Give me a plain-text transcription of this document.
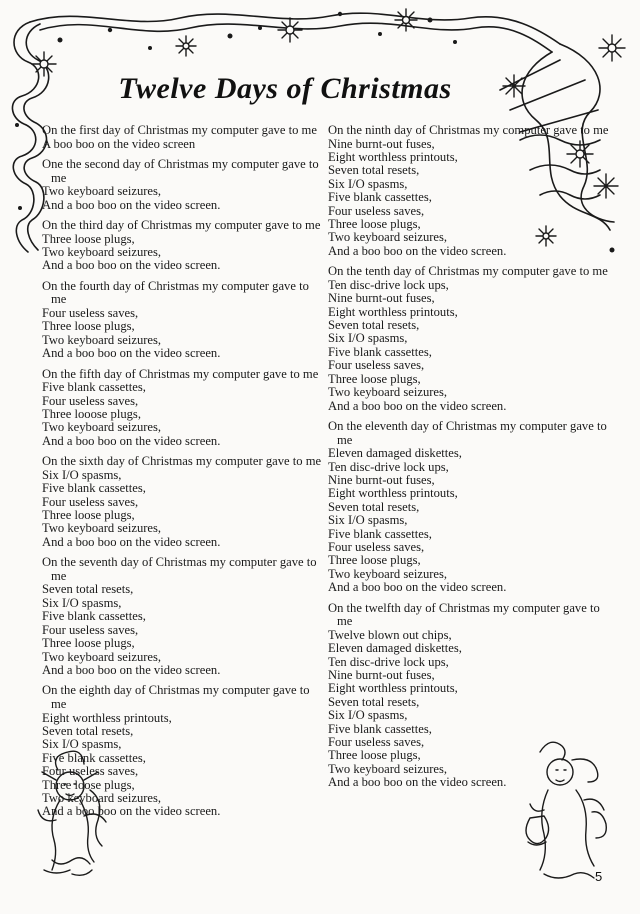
Twelve Days of Christmas
On the first day of Christmas my computer gave to me
A boo boo on the video screen
One the second day of Christmas my computer gave to me
Two keyboard seizures,
And a boo boo on the video screen.
On the third day of Christmas my computer gave to me
Three loose plugs,
Two keyboard seizures,
And a boo boo on the video screen.
On the fourth day of Christmas my computer gave to me
Four useless saves,
Three loose plugs,
Two keyboard seizures,
And a boo boo on the video screen.
On the fifth day of Christmas my computer gave to me
Five blank cassettes,
Four useless saves,
Three looose plugs,
Two keyboard seizures,
And a boo boo on the video screen.
On the sixth day of Christmas my computer gave to me
Six I/O spasms,
Five blank cassettes,
Four useless saves,
Three loose plugs,
Two keyboard seizures,
And a boo boo on the video screen.
On the seventh day of Christmas my computer gave to me
Seven total resets,
Six I/O spasms,
Five blank cassettes,
Four useless saves,
Three loose plugs,
Two keyboard seizures,
And a boo boo on the video screen.
On the eighth day of Christmas my computer gave to me
Eight worthless printouts,
Seven total resets,
Six I/O spasms,
Five blank cassettes,
Four useless saves,
Three loose plugs,
Two keyboard seizures,
And a boo boo on the video screen.
On the ninth day of Christmas my computer gave to me
Nine burnt-out fuses,
Eight worthless printouts,
Seven total resets,
Six I/O spasms,
Five blank cassettes,
Four useless saves,
Three loose plugs,
Two keyboard seizures,
And a boo boo on the video screen.
On the tenth day of Christmas my computer gave to me
Ten disc-drive lock ups,
Nine burnt-out fuses,
Eight worthless printouts,
Seven total resets,
Six I/O spasms,
Five blank cassettes,
Four useless saves,
Three loose plugs,
Two keyboard seizures,
And a boo boo on the video screen.
On the eleventh day of Christmas my computer gave to me
Eleven damaged diskettes,
Ten disc-drive lock ups,
Nine burnt-out fuses,
Eight worthless printouts,
Seven total resets,
Six I/O spasms,
Five blank cassettes,
Four useless saves,
Three loose plugs,
Two keyboard seizures,
And a boo boo on the video screen.
On the twelfth day of Christmas my computer gave to me
Twelve blown out chips,
Eleven damaged diskettes,
Ten disc-drive lock ups,
Nine burnt-out fuses,
Eight worthless printouts,
Seven total resets,
Six I/O spasms,
Five blank cassettes,
Four useless saves,
Three loose plugs,
Two keyboard seizures,
And a boo boo on the video screen.
5
